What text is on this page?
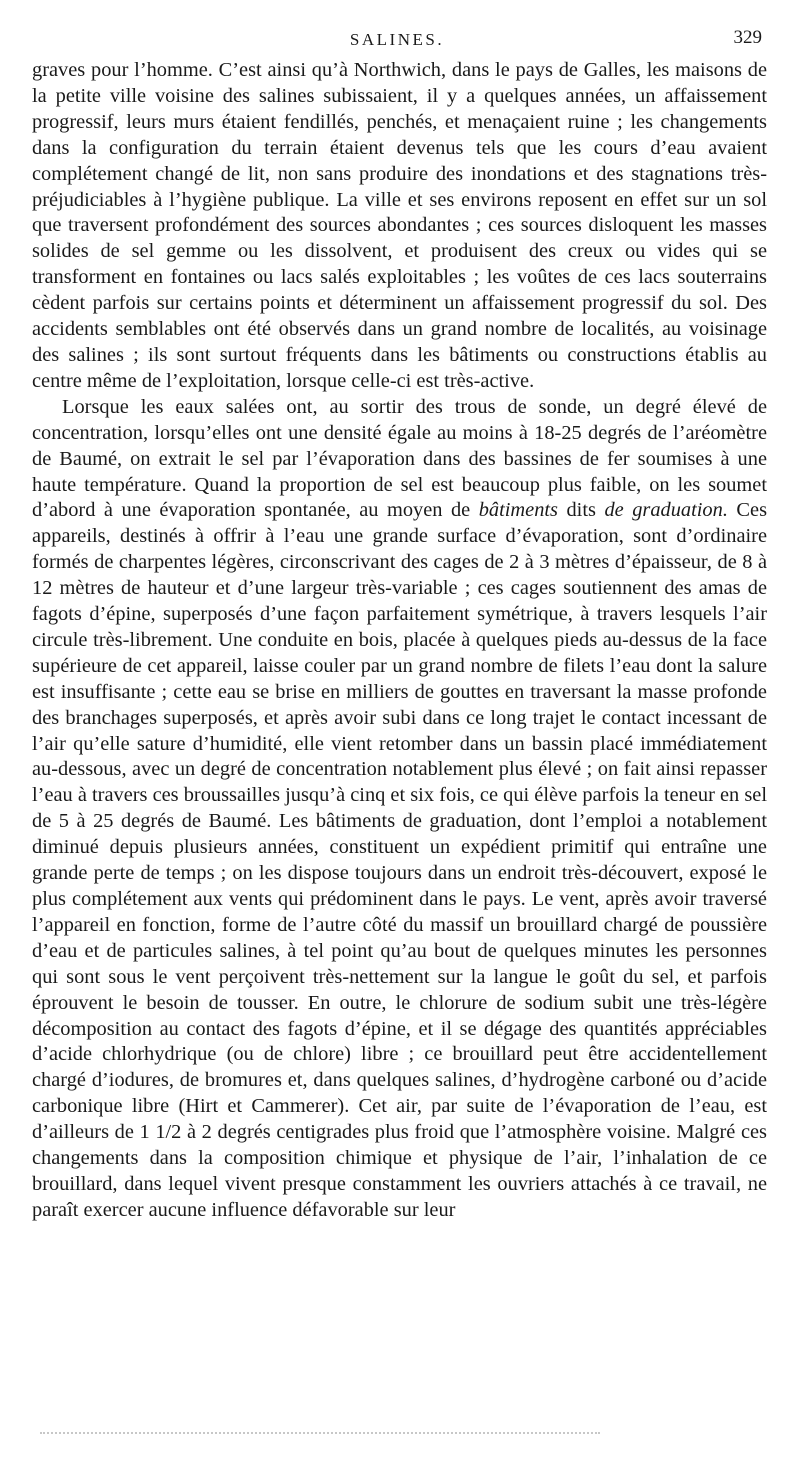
SALINES.	329

graves pour l’homme. C’est ainsi qu’à Northwich, dans le pays de Galles, les maisons de la petite ville voisine des salines subissaient, il y a quelques années, un affaissement progressif, leurs murs étaient fendillés, penchés, et menaçaient ruine ; les changements dans la configuration du terrain étaient devenus tels que les cours d’eau avaient complétement changé de lit, non sans produire des inondations et des stagnations très-préjudiciables à l’hygiène publique. La ville et ses environs reposent en effet sur un sol que traversent profondément des sources abondantes ; ces sources disloquent les masses solides de sel gemme ou les dissolvent, et produisent des creux ou vides qui se transforment en fontaines ou lacs salés exploitables ; les voûtes de ces lacs souterrains cèdent parfois sur certains points et déterminent un affaissement progressif du sol. Des accidents semblables ont été observés dans un grand nombre de localités, au voisinage des salines ; ils sont surtout fréquents dans les bâtiments ou constructions établis au centre même de l’exploitation, lorsque celle-ci est très-active.

Lorsque les eaux salées ont, au sortir des trous de sonde, un degré élevé de concentration, lorsqu’elles ont une densité égale au moins à 18-25 degrés de l’aréomètre de Baumé, on extrait le sel par l’évaporation dans des bassines de fer soumises à une haute température. Quand la proportion de sel est beaucoup plus faible, on les soumet d’abord à une évaporation spontanée, au moyen de bâtiments dits de graduation. Ces appareils, destinés à offrir à l’eau une grande surface d’évaporation, sont d’ordinaire formés de charpentes légères, circonscrivant des cages de 2 à 3 mètres d’épaisseur, de 8 à 12 mètres de hauteur et d’une largeur très-variable ; ces cages soutiennent des amas de fagots d’épine, superposés d’une façon parfaitement symétrique, à travers lesquels l’air circule très-librement. Une conduite en bois, placée à quelques pieds au-dessus de la face supérieure de cet appareil, laisse couler par un grand nombre de filets l’eau dont la salure est insuffisante ; cette eau se brise en milliers de gouttes en traversant la masse profonde des branchages superposés, et après avoir subi dans ce long trajet le contact incessant de l’air qu’elle sature d’humidité, elle vient retomber dans un bassin placé immédiatement au-dessous, avec un degré de concentration notablement plus élevé ; on fait ainsi repasser l’eau à travers ces broussailles jusqu’à cinq et six fois, ce qui élève parfois la teneur en sel de 5 à 25 degrés de Baumé. Les bâtiments de graduation, dont l’emploi a notablement diminué depuis plusieurs années, constituent un expédient primitif qui entraîne une grande perte de temps ; on les dispose toujours dans un endroit très-découvert, exposé le plus complétement aux vents qui prédominent dans le pays. Le vent, après avoir traversé l’appareil en fonction, forme de l’autre côté du massif un brouillard chargé de poussière d’eau et de particules salines, à tel point qu’au bout de quelques minutes les personnes qui sont sous le vent perçoivent très-nettement sur la langue le goût du sel, et parfois éprouvent le besoin de tousser. En outre, le chlorure de sodium subit une très-légère décomposition au contact des fagots d’épine, et il se dégage des quantités appréciables d’acide chlorhydrique (ou de chlore) libre ; ce brouillard peut être accidentellement chargé d’iodures, de bromures et, dans quelques salines, d’hydrogène carboné ou d’acide carbonique libre (Hirt et Cammerer). Cet air, par suite de l’évaporation de l’eau, est d’ailleurs de 1 1/2 à 2 degrés centigrades plus froid que l’atmosphère voisine. Malgré ces changements dans la composition chimique et physique de l’air, l’inhalation de ce brouillard, dans lequel vivent presque constamment les ouvriers attachés à ce travail, ne paraît exercer aucune influence défavorable sur leur
